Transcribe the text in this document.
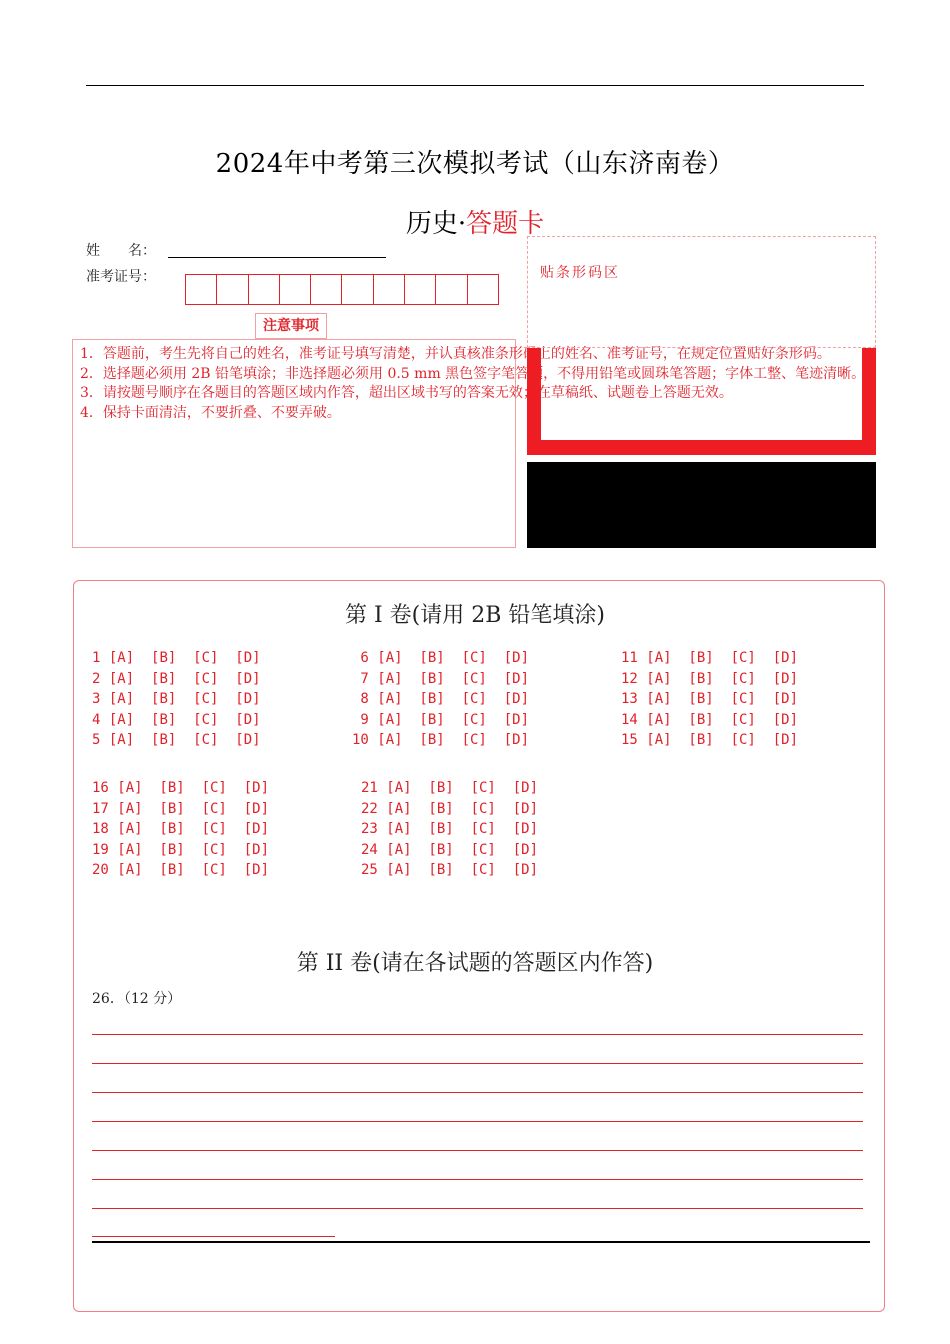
2024年中考第三次模拟考试（山东济南卷）
历史·答题卡
姓　　名：
准考证号：
注意事项
1．答题前，考生先将自己的姓名，准考证号填写清楚，并认真核准条形码上的姓名、准考证号，在规定位置贴好条形码。
2．选择题必须用 2B 铅笔填涂；非选择题必须用 0.5 mm 黑色签字笔答题，不得用铅笔或圆珠笔答题；字体工整、笔迹清晰。
3．请按题号顺序在各题目的答题区域内作答，超出区域书写的答案无效；在草稿纸、试题卷上答题无效。
4．保持卡面清洁，不要折叠、不要弄破。
贴条形码区
第 I 卷(请用 2B 铅笔填涂)
1 [A]  [B]  [C]  [D]
2 [A]  [B]  [C]  [D]
3 [A]  [B]  [C]  [D]
4 [A]  [B]  [C]  [D]
5 [A]  [B]  [C]  [D]
6 [A]  [B]  [C]  [D]
7 [A]  [B]  [C]  [D]
8 [A]  [B]  [C]  [D]
9 [A]  [B]  [C]  [D]
10 [A]  [B]  [C]  [D]
11 [A]  [B]  [C]  [D]
12 [A]  [B]  [C]  [D]
13 [A]  [B]  [C]  [D]
14 [A]  [B]  [C]  [D]
15 [A]  [B]  [C]  [D]
16 [A]  [B]  [C]  [D]
17 [A]  [B]  [C]  [D]
18 [A]  [B]  [C]  [D]
19 [A]  [B]  [C]  [D]
20 [A]  [B]  [C]  [D]
21 [A]  [B]  [C]  [D]
22 [A]  [B]  [C]  [D]
23 [A]  [B]  [C]  [D]
24 [A]  [B]  [C]  [D]
25 [A]  [B]  [C]  [D]
第 II 卷(请在各试题的答题区内作答)
26．（12 分）
